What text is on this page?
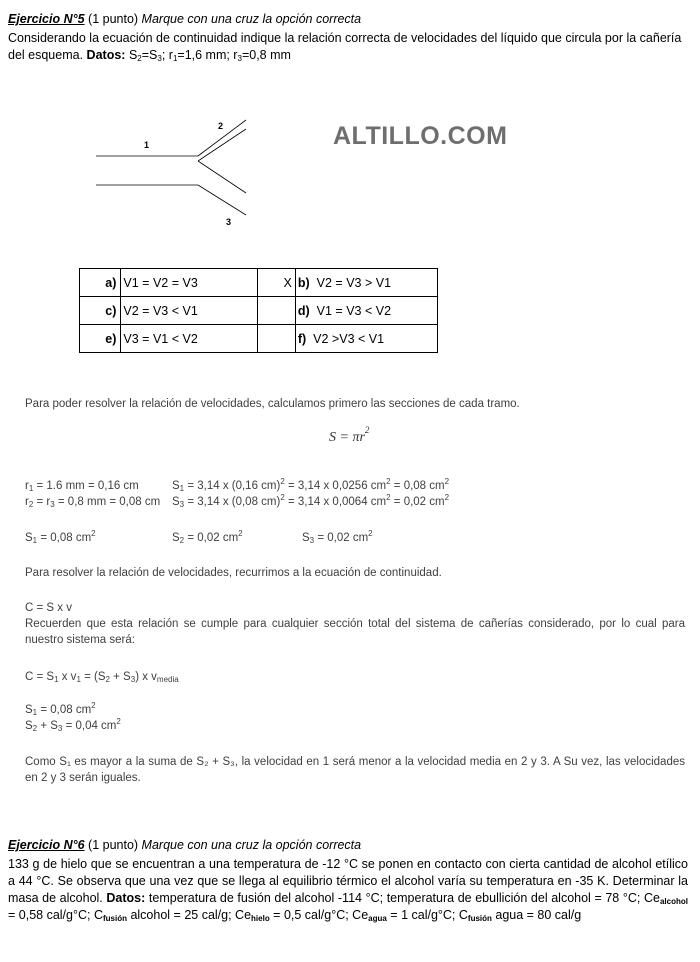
Ejercicio N°5 (1 punto) Marque con una cruz la opción correcta
Considerando la ecuación de continuidad indique la relación correcta de velocidades del líquido que circula por la cañería del esquema. Datos: $S_2=S_3$; $r_1=1,6$ mm; $r_3=0,8$ mm
1
2
3
ALTILLO.COM
a)	V1 = V2 = V3	X	b) V2 = V3 > V1
c)	V2 = V3 < V1		d) V1 = V3 < V2
e)	V3 = V1 < V2		f) V2 >V3 < V1
Para poder resolver la relación de velocidades, calculamos primero las secciones de cada tramo.
$S = \pi r^2$
$r_1 = 1.6$ mm = 0,16 cm	$S_1 = 3,14$ x (0,16 cm)$^2$ = 3,14 x 0,0256 $cm^2 = 0,08$ $cm^2$
$r_2 = r_3 = 0,8$ mm = 0,08 cm $S_3 = 3,14$ x (0,08 cm)$^2$ = 3,14 x 0,0064 $cm^2 = 0,02$ $cm^2$
$S_1 = 0,08$ $cm^2$	$S_2 = 0,02$ $cm^2$	$S_3 = 0,02$ $cm^2$
Para resolver la relación de velocidades, recurrimos a la ecuación de continuidad.
C = S x v
Recuerden que esta relación se cumple para cualquier sección total del sistema de cañerías considerado, por lo cual para nuestro sistema será:
$C = S_1$ x $v_1 = (S_2 + S_3)$ x $v_{media}$
$S_1 = 0,08$ $cm^2$
$S_2 + S_3 = 0,04$ $cm^2$
Como S₁ es mayor a la suma de S₂ + S₃, la velocidad en 1 será menor a la velocidad media en 2 y 3. A Su vez, las velocidades en 2 y 3 serán iguales.
Ejercicio N°6 (1 punto) Marque con una cruz la opción correcta
133 g de hielo que se encuentran a una temperatura de -12 °C se ponen en contacto con cierta cantidad de alcohol etílico a 44 °C. Se observa que una vez que se llega al equilibrio térmico el alcohol varía su temperatura en -35 K. Determinar la masa de alcohol. Datos: temperatura de fusión del alcohol -114 °C; temperatura de ebullición del alcohol = 78 °C; $Ce_{alcohol} = 0,58$ cal/g°C; $C_{fusión}$ alcohol = 25 cal/g; $Ce_{hielo} = 0,5$ cal/g°C; $Ce_{agua} = 1$ cal/g°C; $C_{fusión}$ agua = 80 cal/g
